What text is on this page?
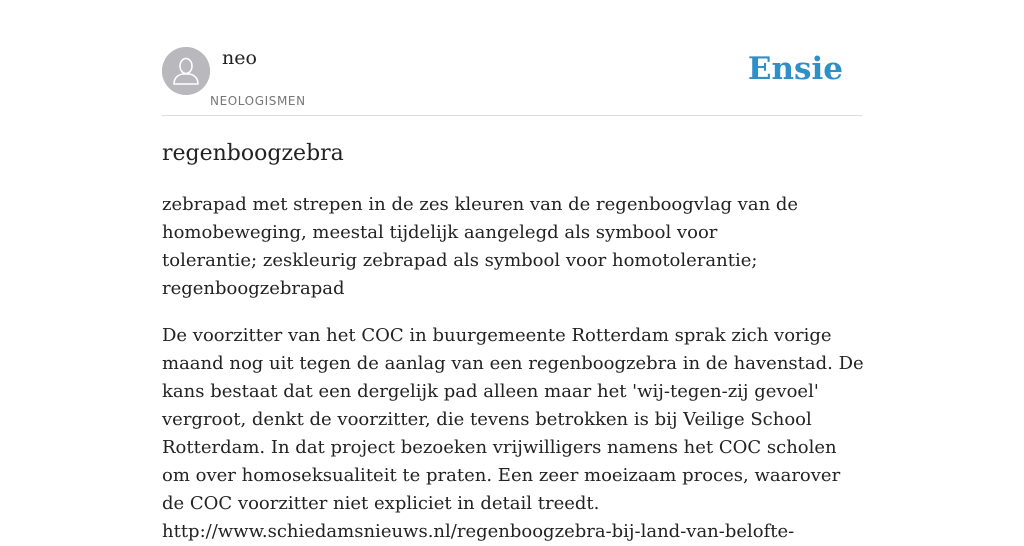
neo
NEOLOGISMEN
Ensie
regenboogzebra

zebrapad met strepen in de zes kleuren van de regenboogvlag van de homobeweging, meestal tijdelijk aangelegd als symbool voor tolerantie; zeskleurig zebrapad als symbool voor homotolerantie; regenboogzebrapad

De voorzitter van het COC in buurgemeente Rotterdam sprak zich vorige maand nog uit tegen de aanlag van een regenboogzebra in de havenstad. De kans bestaat dat een dergelijk pad alleen maar het 'wij-tegen-zij gevoel' vergroot, denkt de voorzitter, die tevens betrokken is bij Veilige School Rotterdam. In dat project bezoeken vrijwilligers namens het COC scholen om over homoseksualiteit te praten. Een zeer moeizaam proces, waarover de COC voorzitter niet expliciet in detail treedt.
http://www.schiedamsnieuws.nl/regenboogzebra-bij-land-van-belofte-
